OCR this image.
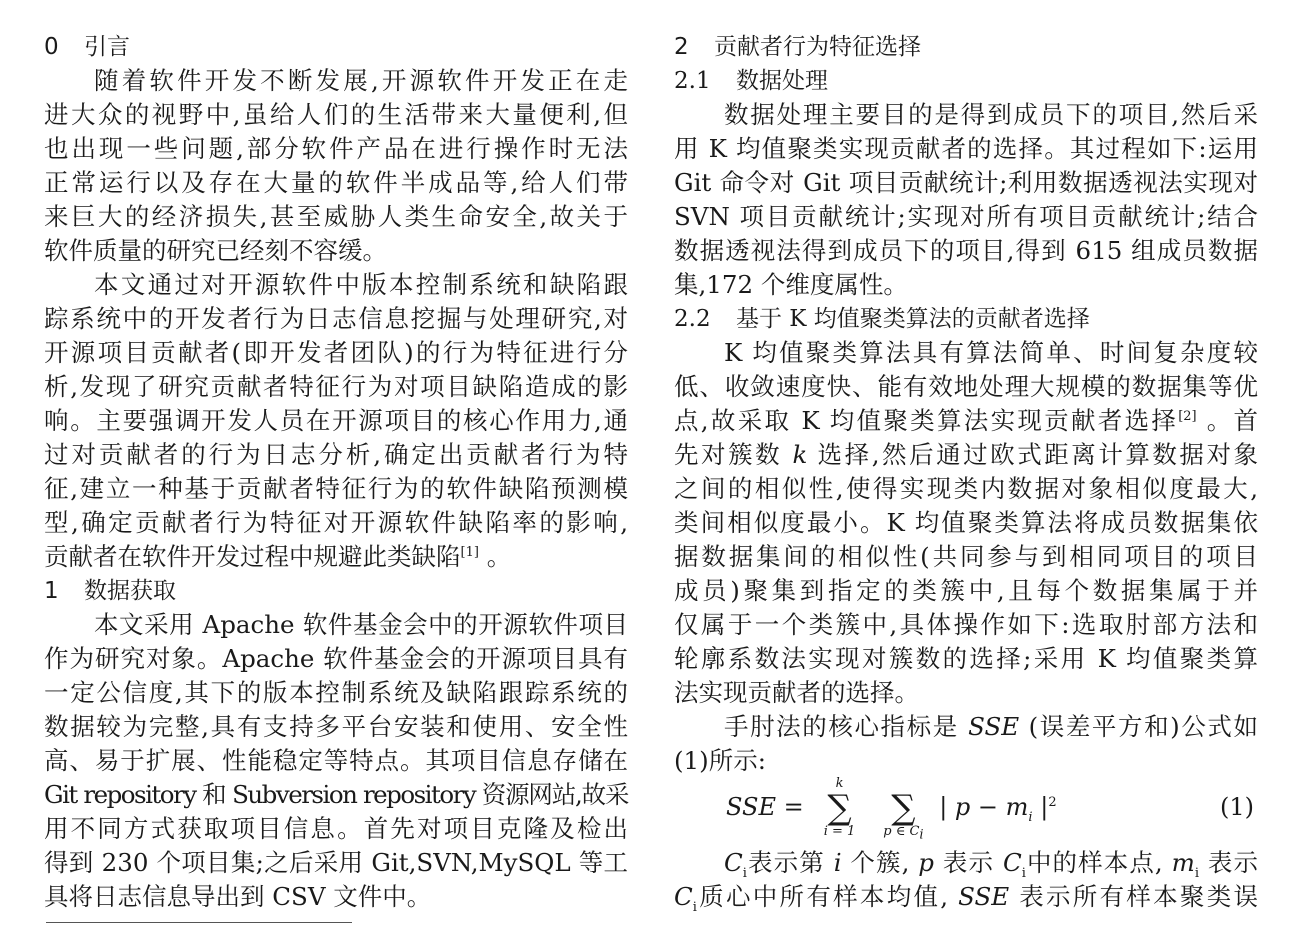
0 引言
随着软件开发不断发展,开源软件开发正在走
进大众的视野中,虽给人们的生活带来大量便利,但
也出现一些问题,部分软件产品在进行操作时无法
正常运行以及存在大量的软件半成品等,给人们带
来巨大的经济损失,甚至威胁人类生命安全,故关于
软件质量的研究已经刻不容缓。
本文通过对开源软件中版本控制系统和缺陷跟
踪系统中的开发者行为日志信息挖掘与处理研究,对
开源项目贡献者(即开发者团队)的行为特征进行分
析,发现了研究贡献者特征行为对项目缺陷造成的影
响。主要强调开发人员在开源项目的核心作用力,通
过对贡献者的行为日志分析,确定出贡献者行为特
征,建立一种基于贡献者特征行为的软件缺陷预测模
型,确定贡献者行为特征对开源软件缺陷率的影响,
贡献者在软件开发过程中规避此类缺陷[1] 。
1 数据获取
本文采用 Apache 软件基金会中的开源软件项目
作为研究对象。Apache 软件基金会的开源项目具有
一定公信度,其下的版本控制系统及缺陷跟踪系统的
数据较为完整,具有支持多平台安装和使用、安全性
高、易于扩展、性能稳定等特点。其项目信息存储在
Git repository 和 Subversion repository 资源网站,故采
用不同方式获取项目信息。首先对项目克隆及检出
得到 230 个项目集;之后采用 Git,SVN,MySQL 等工
具将日志信息导出到 CSV 文件中。
2 贡献者行为特征选择
2.1 数据处理
数据处理主要目的是得到成员下的项目,然后采
用 K 均值聚类实现贡献者的选择。其过程如下:运用
Git 命令对 Git 项目贡献统计;利用数据透视法实现对
SVN 项目贡献统计;实现对所有项目贡献统计;结合
数据透视法得到成员下的项目,得到 615 组成员数据
集,172 个维度属性。
2.2 基于 K 均值聚类算法的贡献者选择
K 均值聚类算法具有算法简单、时间复杂度较
低、收敛速度快、能有效地处理大规模的数据集等优
点,故采取 K 均值聚类算法实现贡献者选择[2] 。首
先对簇数 k 选择,然后通过欧式距离计算数据对象
之间的相似性,使得实现类内数据对象相似度最大,
类间相似度最小。K 均值聚类算法将成员数据集依
据数据集间的相似性(共同参与到相同项目的项目
成员)聚集到指定的类簇中,且每个数据集属于并
仅属于一个类簇中,具体操作如下:选取肘部方法和
轮廓系数法实现对簇数的选择;采用 K 均值聚类算
法实现贡献者的选择。
手肘法的核心指标是 SSE (误差平方和)公式如
(1)所示:
SSE = ∑
k
i = 1
∑
p ∈ $C_i$
| $p - m_i$ $|^2$	(1)
$C_i$表示第 i 个簇, p 表示 $C_i$中的样本点, $m_i$ 表示
$C_i$质心中所有样本均值, SSE 表示所有样本聚类误
